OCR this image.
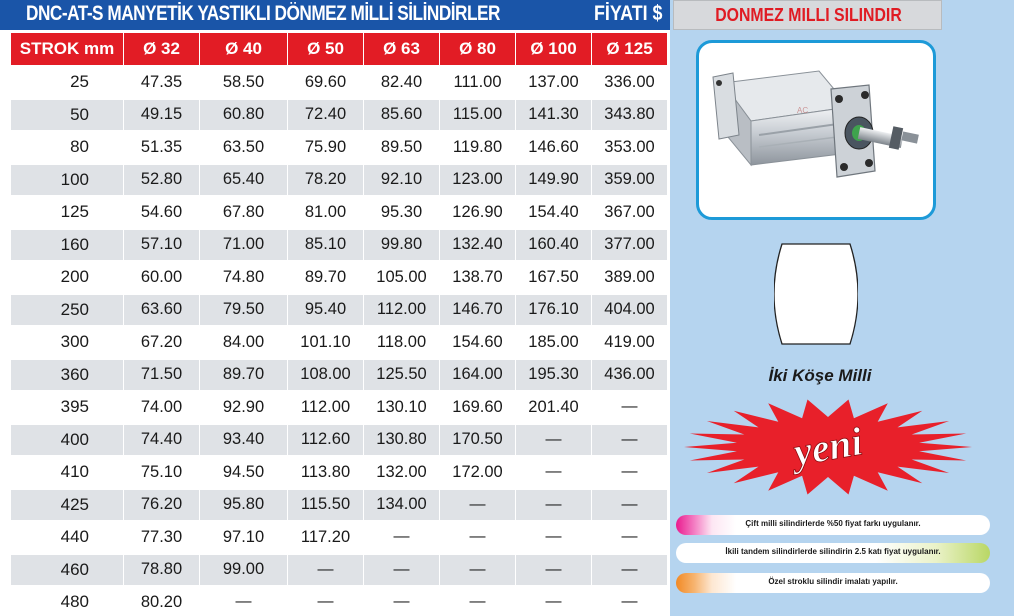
DNC-AT-S MANYETİK YASTIKLI DÖNMEZ MİLLİ SİLİNDİRLER	FİYATI $
STROK mm	Ø 32	Ø 40	Ø 50	Ø 63	Ø 80	Ø 100	Ø 125
25	47.35	58.50	69.60	82.40	111.00	137.00	336.00
50	49.15	60.80	72.40	85.60	115.00	141.30	343.80
80	51.35	63.50	75.90	89.50	119.80	146.60	353.00
100	52.80	65.40	78.20	92.10	123.00	149.90	359.00
125	54.60	67.80	81.00	95.30	126.90	154.40	367.00
160	57.10	71.00	85.10	99.80	132.40	160.40	377.00
200	60.00	74.80	89.70	105.00	138.70	167.50	389.00
250	63.60	79.50	95.40	112.00	146.70	176.10	404.00
300	67.20	84.00	101.10	118.00	154.60	185.00	419.00
360	71.50	89.70	108.00	125.50	164.00	195.30	436.00
395	74.00	92.90	112.00	130.10	169.60	201.40	—
400	74.40	93.40	112.60	130.80	170.50	—	—
410	75.10	94.50	113.80	132.00	172.00	—	—
425	76.20	95.80	115.50	134.00	—	—	—
440	77.30	97.10	117.20	—	—	—	—
460	78.80	99.00	—	—	—	—	—
480	80.20	—	—	—	—	—	—
DONMEZ MILLI SILINDIR
AC
İki Köşe Milli
yeni
Çift milli silindirlerde %50 fiyat farkı uygulanır.
İkili tandem silindirlerde silindirin 2.5 katı fiyat uygulanır.
Özel stroklu silindir imalatı yapılır.
